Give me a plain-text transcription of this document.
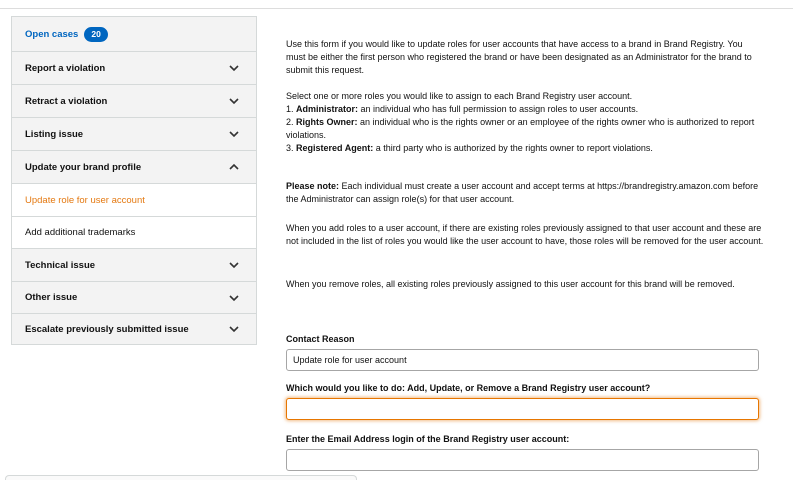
Open cases	20
Report a violation
Retract a violation
Listing issue
Update your brand profile
Update role for user account
Add additional trademarks
Technical issue
Other issue
Escalate previously submitted issue

Use this form if you would like to update roles for user accounts that have access to a brand in Brand Registry. You must be either the first person who registered the brand or have been designated as an Administrator for the brand to submit this request.

Select one or more roles you would like to assign to each Brand Registry user account.

1. Administrator: an individual who has full permission to assign roles to user accounts.

2. Rights Owner: an individual who is the rights owner or an employee of the rights owner who is authorized to report violations.

3. Registered Agent: a third party who is authorized by the rights owner to report violations.

Please note: Each individual must create a user account and accept terms at https://brandregistry.amazon.com before the Administrator can assign role(s) for that user account.

When you add roles to a user account, if there are existing roles previously assigned to that user account and these are not included in the list of roles you would like the user account to have, those roles will be removed for the user account.

When you remove roles, all existing roles previously assigned to this user account for this brand will be removed.

Contact Reason
Update role for user account
Which would you like to do: Add, Update, or Remove a Brand Registry user account?
Enter the Email Address login of the Brand Registry user account:
